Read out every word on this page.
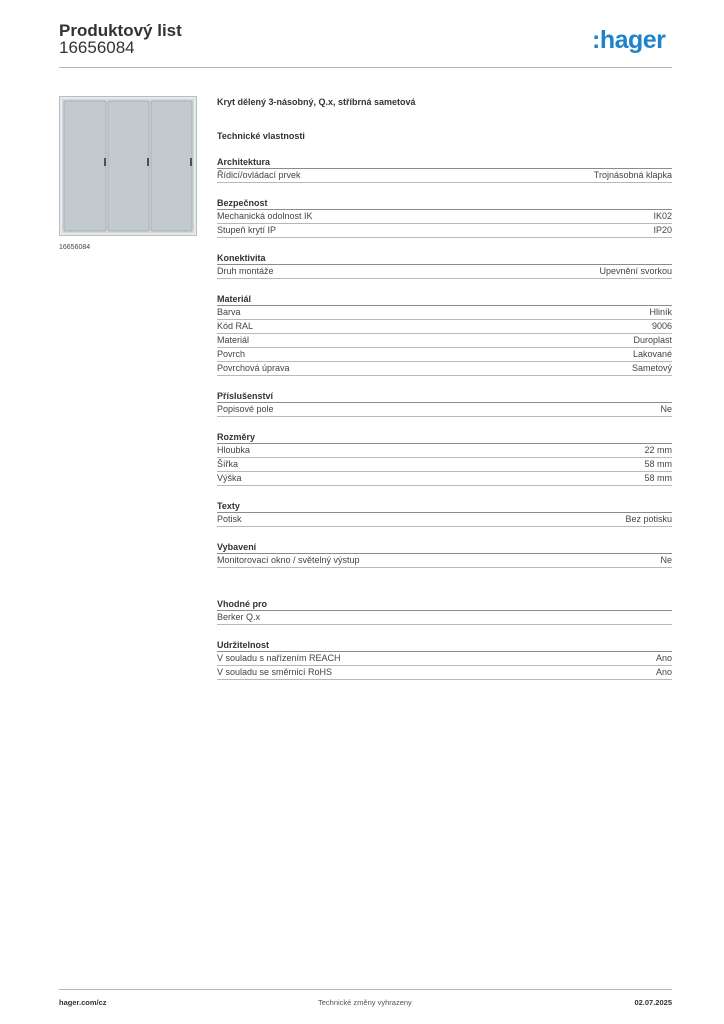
Produktový list
16656084	:hager
16656084
Kryt dělený 3-násobný, Q.x, stříbrná sametová
Technické vlastnosti
Architektura
Řídicí/ovládací prvek	Trojnásobná klapka
Bezpečnost
Mechanická odolnost IK	IK02
Stupeň krytí IP	IP20
Konektivita
Druh montáže	Upevnění svorkou
Materiál
Barva	Hliník
Kód RAL	9006
Materiál	Duroplast
Povrch	Lakované
Povrchová úprava	Sametový
Příslušenství
Popisové pole	Ne
Rozměry
Hloubka	22 mm
Šířka	58 mm
Výška	58 mm
Texty
Potisk	Bez potisku
Vybavení
Monitorovací okno / světelný výstup	Ne
Vhodné pro
Berker Q.x
Udržitelnost
V souladu s nařízením REACH	Ano
V souladu se směrnicí RoHS	Ano
hager.com/cz	Technické změny vyhrazeny	02.07.2025
